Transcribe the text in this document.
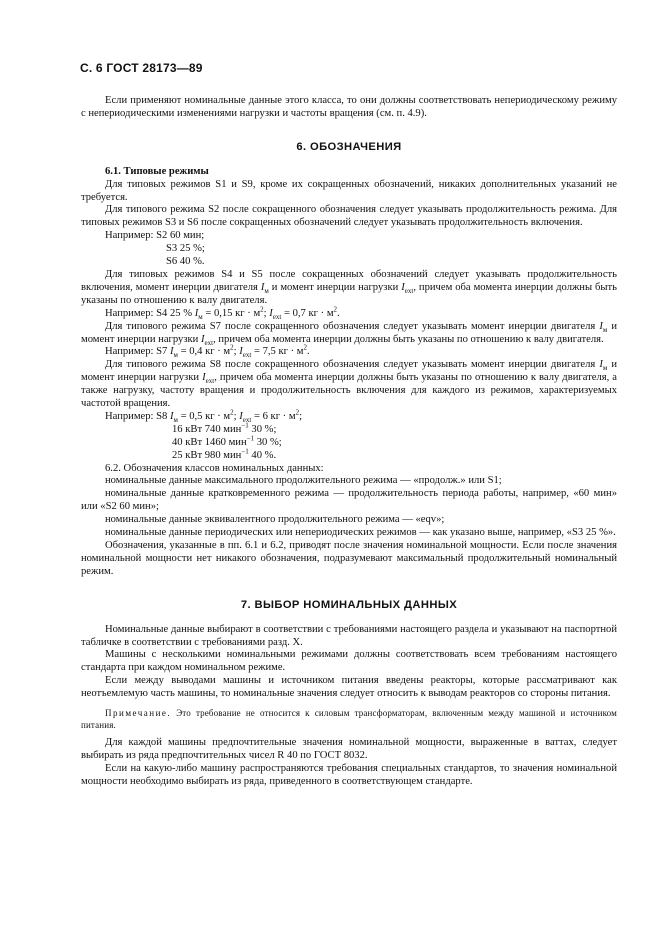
С. 6 ГОСТ 28173—89

Если применяют номинальные данные этого класса, то они должны соответствовать непериодическому режиму с непериодическими изменениями нагрузки и частоты вращения (см. п. 4.9).

6. ОБОЗНАЧЕНИЯ
6.1. Типовые режимы

Для типовых режимов S1 и S9, кроме их сокращенных обозначений, никаких дополнительных указаний не требуется.

Для типового режима S2 после сокращенного обозначения следует указывать продолжительность режима. Для типовых режимов S3 и S6 после сокращенных обозначений следует указывать продолжительность включения.

Например: S2 60 мин;
S3 25 %;
S6 40 %.

Для типовых режимов S4 и S5 после сокращенных обозначений следует указывать продолжительность включения, момент инерции двигателя $I_м$ и момент инерции нагрузки $I_{ext}$, причем оба момента инерции должны быть указаны по отношению к валу двигателя.

Например: S4 25 % $I_м = 0,15$ кг · $м^2$; $I_{ext} = 0,7$ кг · $м^2$.

Для типового режима S7 после сокращенного обозначения следует указывать момент инерции двигателя $I_м$ и момент инерции нагрузки $I_{ext}$, причем оба момента инерции должны быть указаны по отношению к валу двигателя.

Например: S7 $I_м = 0,4$ кг · $м^2$; $I_{ext} = 7,5$ кг · $м^2$.

Для типового режима S8 после сокращенного обозначения следует указывать момент инерции двигателя $I_м$ и момент инерции нагрузки $I_{ext}$, причем оба момента инерции должны быть указаны по отношению к валу двигателя, а также нагрузку, частоту вращения и продолжительность включения для каждого из режимов, характеризуемых частотой вращения.

Например: S8 $I_м = 0,5$ кг · $м^2$; $I_{ext} = 6$ кг · $м^2$;
16 кВт 740 мин$^{-1}$ 30 %;
40 кВт 1460 мин$^{-1}$ 30 %;
25 кВт 980 мин$^{-1}$ 40 %.

6.2. Обозначения классов номинальных данных:

номинальные данные максимального продолжительного режима — «продолж.» или S1;

номинальные данные кратковременного режима — продолжительность периода работы, например, «60 мин» или «S2 60 мин»;

номинальные данные эквивалентного продолжительного режима — «eqv»;

номинальные данные периодических или непериодических режимов — как указано выше, например, «S3 25 %».

Обозначения, указанные в пп. 6.1 и 6.2, приводят после значения номинальной мощности. Если после значения номинальной мощности нет никакого обозначения, подразумевают максимальный продолжительный номинальный режим.

7. ВЫБОР НОМИНАЛЬНЫХ ДАННЫХ

Номинальные данные выбирают в соответствии с требованиями настоящего раздела и указывают на паспортной табличке в соответствии с требованиями разд. X.

Машины с несколькими номинальными режимами должны соответствовать всем требованиям настоящего стандарта при каждом номинальном режиме.

Если между выводами машины и источником питания введены реакторы, которые рассматривают как неотъемлемую часть машины, то номинальные значения следует относить к выводам реакторов со стороны питания.

Примечание. Это требование не относится к силовым трансформаторам, включенным между машиной и источником питания.

Для каждой машины предпочтительные значения номинальной мощности, выраженные в ваттах, следует выбирать из ряда предпочтительных чисел R 40 по ГОСТ 8032.

Если на какую-либо машину распространяются требования специальных стандартов, то значения номинальной мощности необходимо выбирать из ряда, приведенного в соответствующем стандарте.
